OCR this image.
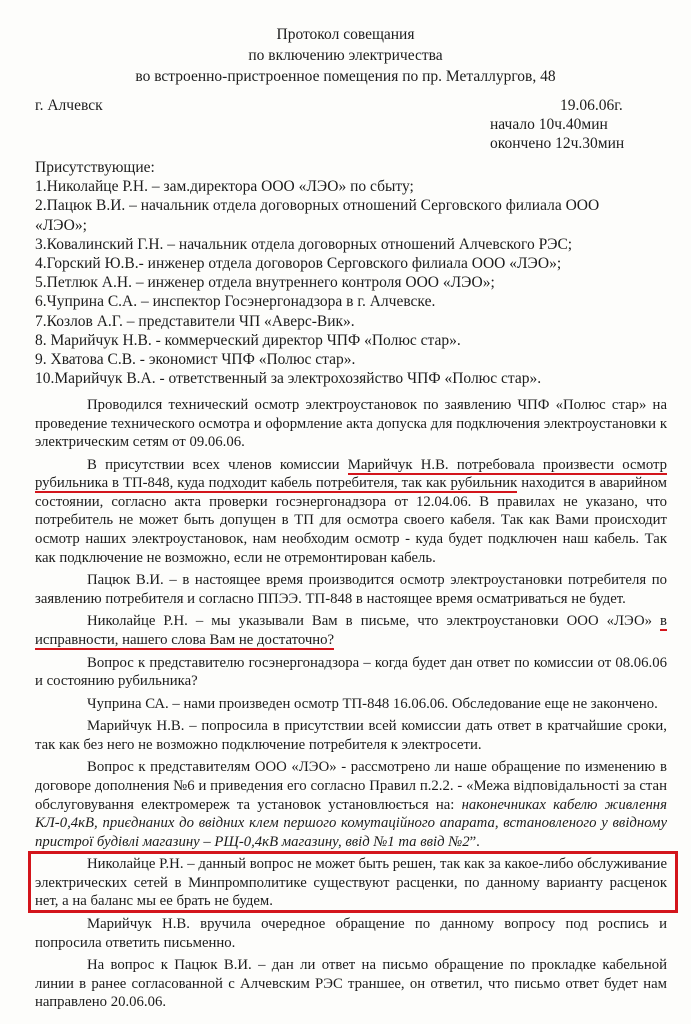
Протокол совещания
по включению электричества
во встроенно-пристроенное помещения по пр. Металлургов, 48
г. Алчевск	19.06.06г.
начало 10ч.40мин
окончено 12ч.30мин
Присутствующие:
1.Николайце Р.Н. – зам.директора ООО «ЛЭО» по сбыту;
2.Пацюк В.И. – начальник отдела договорных отношений Серговского филиала ООО
«ЛЭО»;
3.Ковалинский Г.Н. – начальник отдела договорных отношений Алчевского РЭС;
4.Горский Ю.В.- инженер отдела договоров Серговского филиала ООО «ЛЭО»;
5.Петлюк А.Н. – инженер отдела внутреннего контроля ООО «ЛЭО»;
6.Чуприна С.А. – инспектор Госэнергонадзора в г. Алчевске.
7.Козлов А.Г. – представители ЧП «Аверс-Вик».
8. Марийчук Н.В. - коммерческий директор ЧПФ «Полюс стар».
9. Хватова С.В. - экономист ЧПФ «Полюс стар».
10.Марийчук В.А. - ответственный за электрохозяйство ЧПФ «Полюс стар».

Проводился технический осмотр электроустановок по заявлению ЧПФ «Полюс стар» на проведение технического осмотра и оформление акта допуска для подключения электроустановки к электрическим сетям от 09.06.06.

В присутствии всех членов комиссии Марийчук Н.В. потребовала произвести осмотр рубильника в ТП-848, куда подходит кабель потребителя, так как рубильник находится в аварийном состоянии, согласно акта проверки госэнергонадзора от 12.04.06. В правилах не указано, что потребитель не может быть допущен в ТП для осмотра своего кабеля. Так как Вами происходит осмотр наших электроустановок, нам необходим осмотр - куда будет подключен наш кабель. Так как подключение не возможно, если не отремонтирован кабель.

Пацюк В.И. – в настоящее время производится осмотр электроустановки потребителя по заявлению потребителя и согласно ППЭЭ. ТП-848 в настоящее время осматриваться не будет.

Николайце Р.Н. – мы указывали Вам в письме, что электроустановки ООО «ЛЭО» в исправности, нашего слова Вам не достаточно?

Вопрос к представителю госэнергонадзора – когда будет дан ответ по комиссии от 08.06.06 и состоянию рубильника?

Чуприна СА. – нами произведен осмотр ТП-848 16.06.06. Обследование еще не закончено.

Марийчук Н.В. – попросила в присутствии всей комиссии дать ответ в кратчайшие сроки, так как без него не возможно подключение потребителя к электросети.

Вопрос к представителям ООО «ЛЭО» - рассмотрено ли наше обращение по изменению в договоре дополнения №6 и приведения его согласно Правил п.2.2. - «Межа відповідальності за стан обслуговування електромереж та установок установлюється на: наконечниках кабелю живлення КЛ-0,4кВ, приєднаних до ввідних клем першого комутаційного апарата, встановленого у ввідному пристрої будівлі магазину – РЩ-0,4кВ магазину, ввід №1 та ввід №2”.

Николайце Р.Н. – данный вопрос не может быть решен, так как за какое-либо обслуживание электрических сетей в Минпромполитике существуют расценки, по данному варианту расценок нет, а на баланс мы ее брать не будем.

Марийчук Н.В. вручила очередное обращение по данному вопросу под роспись и попросила ответить письменно.

На вопрос к Пацюк В.И. – дан ли ответ на письмо обращение по прокладке кабельной линии в ранее согласованной с Алчевским РЭС траншее, он ответил, что письмо ответ будет нам направлено 20.06.06.
